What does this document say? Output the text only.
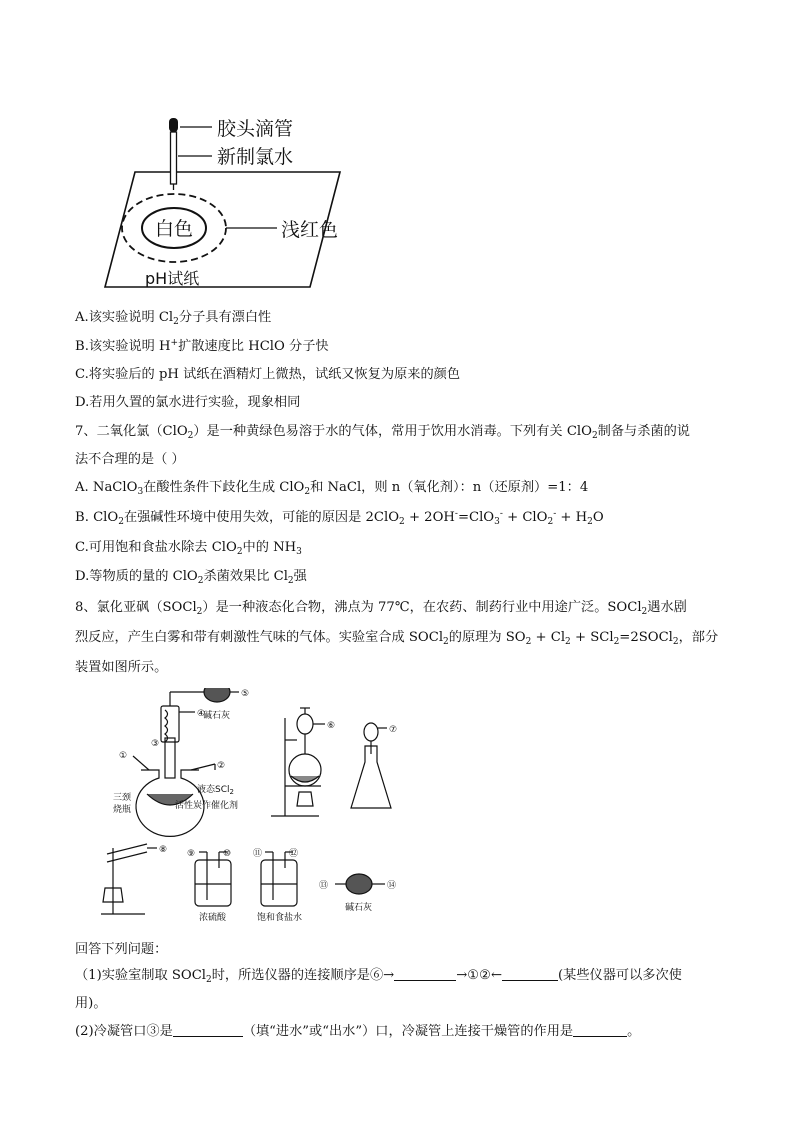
胶头滴管
新制氯水
白色	浅红色
pH试纸
A.该实验说明 $Cl_2$分子具有漂白性
B.该实验说明 H+扩散速度比 HClO 分子快
C.将实验后的 pH 试纸在酒精灯上微热，试纸又恢复为原来的颜色
D.若用久置的氯水进行实验，现象相同
7、二氧化氯（ClO$_2$）是一种黄绿色易溶于水的气体，常用于饮用水消毒。下列有关 ClO$_2$制备与杀菌的说
法不合理的是（ ）
A. NaClO$_3$在酸性条件下歧化生成 ClO$_2$和 NaCl，则 n（氧化剂）：n（还原剂）=1：4
B. ClO$_2$在强碱性环境中使用失效，可能的原因是 $2ClO_2 + 2OH^-=ClO_3^- + ClO_2^- + H_2O$
C.可用饱和食盐水除去 ClO$_2$中的 $NH_3$
D.等物质的量的 ClO$_2$杀菌效果比 $Cl_2$强
8、氯化亚砜（SOCl$_2$）是一种液态化合物，沸点为 77℃，在农药、制药行业中用途广泛。SOCl$_2$遇水剧
烈反应，产生白雾和带有刺激性气味的气体。实验室合成 SOCl$_2$的原理为 $SO_2 + Cl_2$ + SCl$_2$=2SOCl$_2$，部分
装置如图所示。
①
②
③
④
⑤
⑥	⑦
⑧ ⑨	⑩ ⑪	⑫
⑬	⑭
碱石灰
液态SCl$_2$
三颈
烧瓶	活性炭作催化剂
浓硫酸	饱和食盐水
碱石灰
回答下列问题：
（1)实验室制取 SOCl$_2$时，所选仪器的连接顺序是⑥→	→①②←	(某些仪器可以多次使
用)。
(2)冷凝管口③是	（填“进水”或“出水”）口，冷凝管上连接干燥管的作用是	。
